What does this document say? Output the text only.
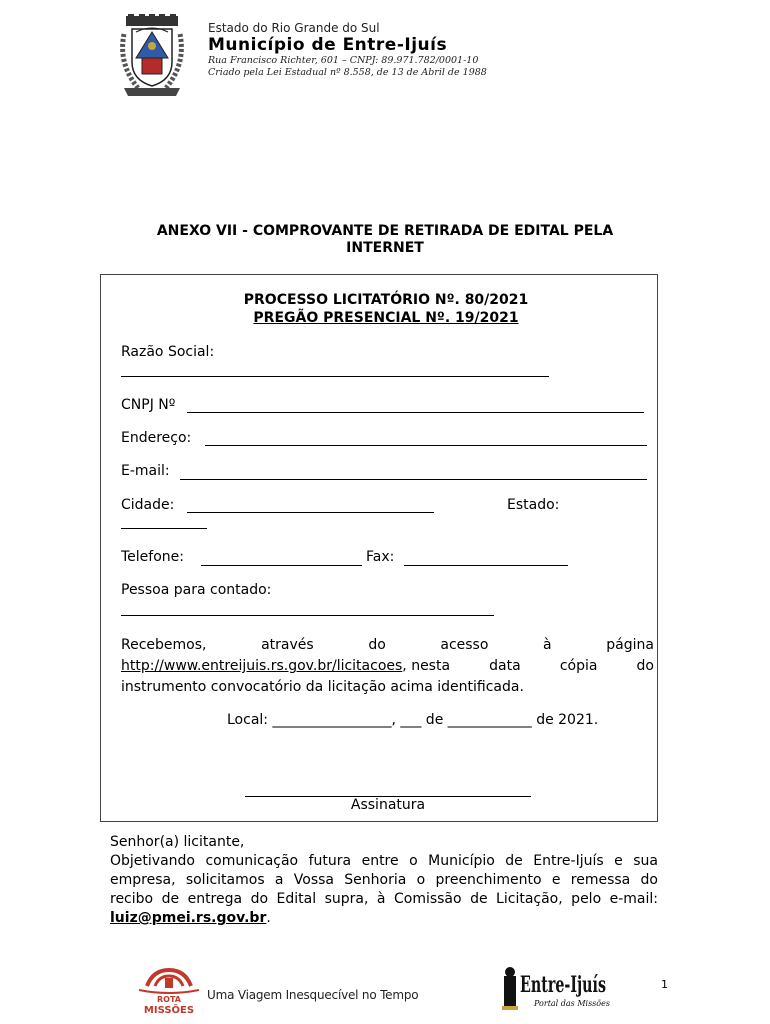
Estado do Rio Grande do Sul
Município de Entre-Ijuís
Rua Francisco Richter, 601 – CNPJ: 89.971.782/0001-10
Criado pela Lei Estadual nº 8.558, de 13 de Abril de 1988
ANEXO VII - COMPROVANTE DE RETIRADA DE EDITAL PELA
INTERNET
PROCESSO LICITATÓRIO Nº. 80/2021
PREGÃO PRESENCIAL Nº. 19/2021
Razão Social:
CNPJ Nº
Endereço:
E-mail:
Cidade:	Estado:
Telefone:	Fax:
Pessoa para contado:
Recebemos,	através	do	acesso	à	página
http://www.entreijuis.rs.gov.br/licitacoes, nesta	data	cópia	do
instrumento convocatório da licitação acima identificada.
Local: _________________, ___ de ____________ de 2021.
Assinatura
Senhor(a) licitante,
Objetivando comunicação futura entre o Município de Entre-Ijuís e sua
empresa, solicitamos a Vossa Senhoria o preenchimento e remessa do
recibo de entrega do Edital supra, à Comissão de Licitação, pelo e-mail:
luiz@pmei.rs.gov.br.
ROTA
MISSÕES
Uma Viagem Inesquecível no Tempo	Entre-Ijuís
Portal das Missões
1
